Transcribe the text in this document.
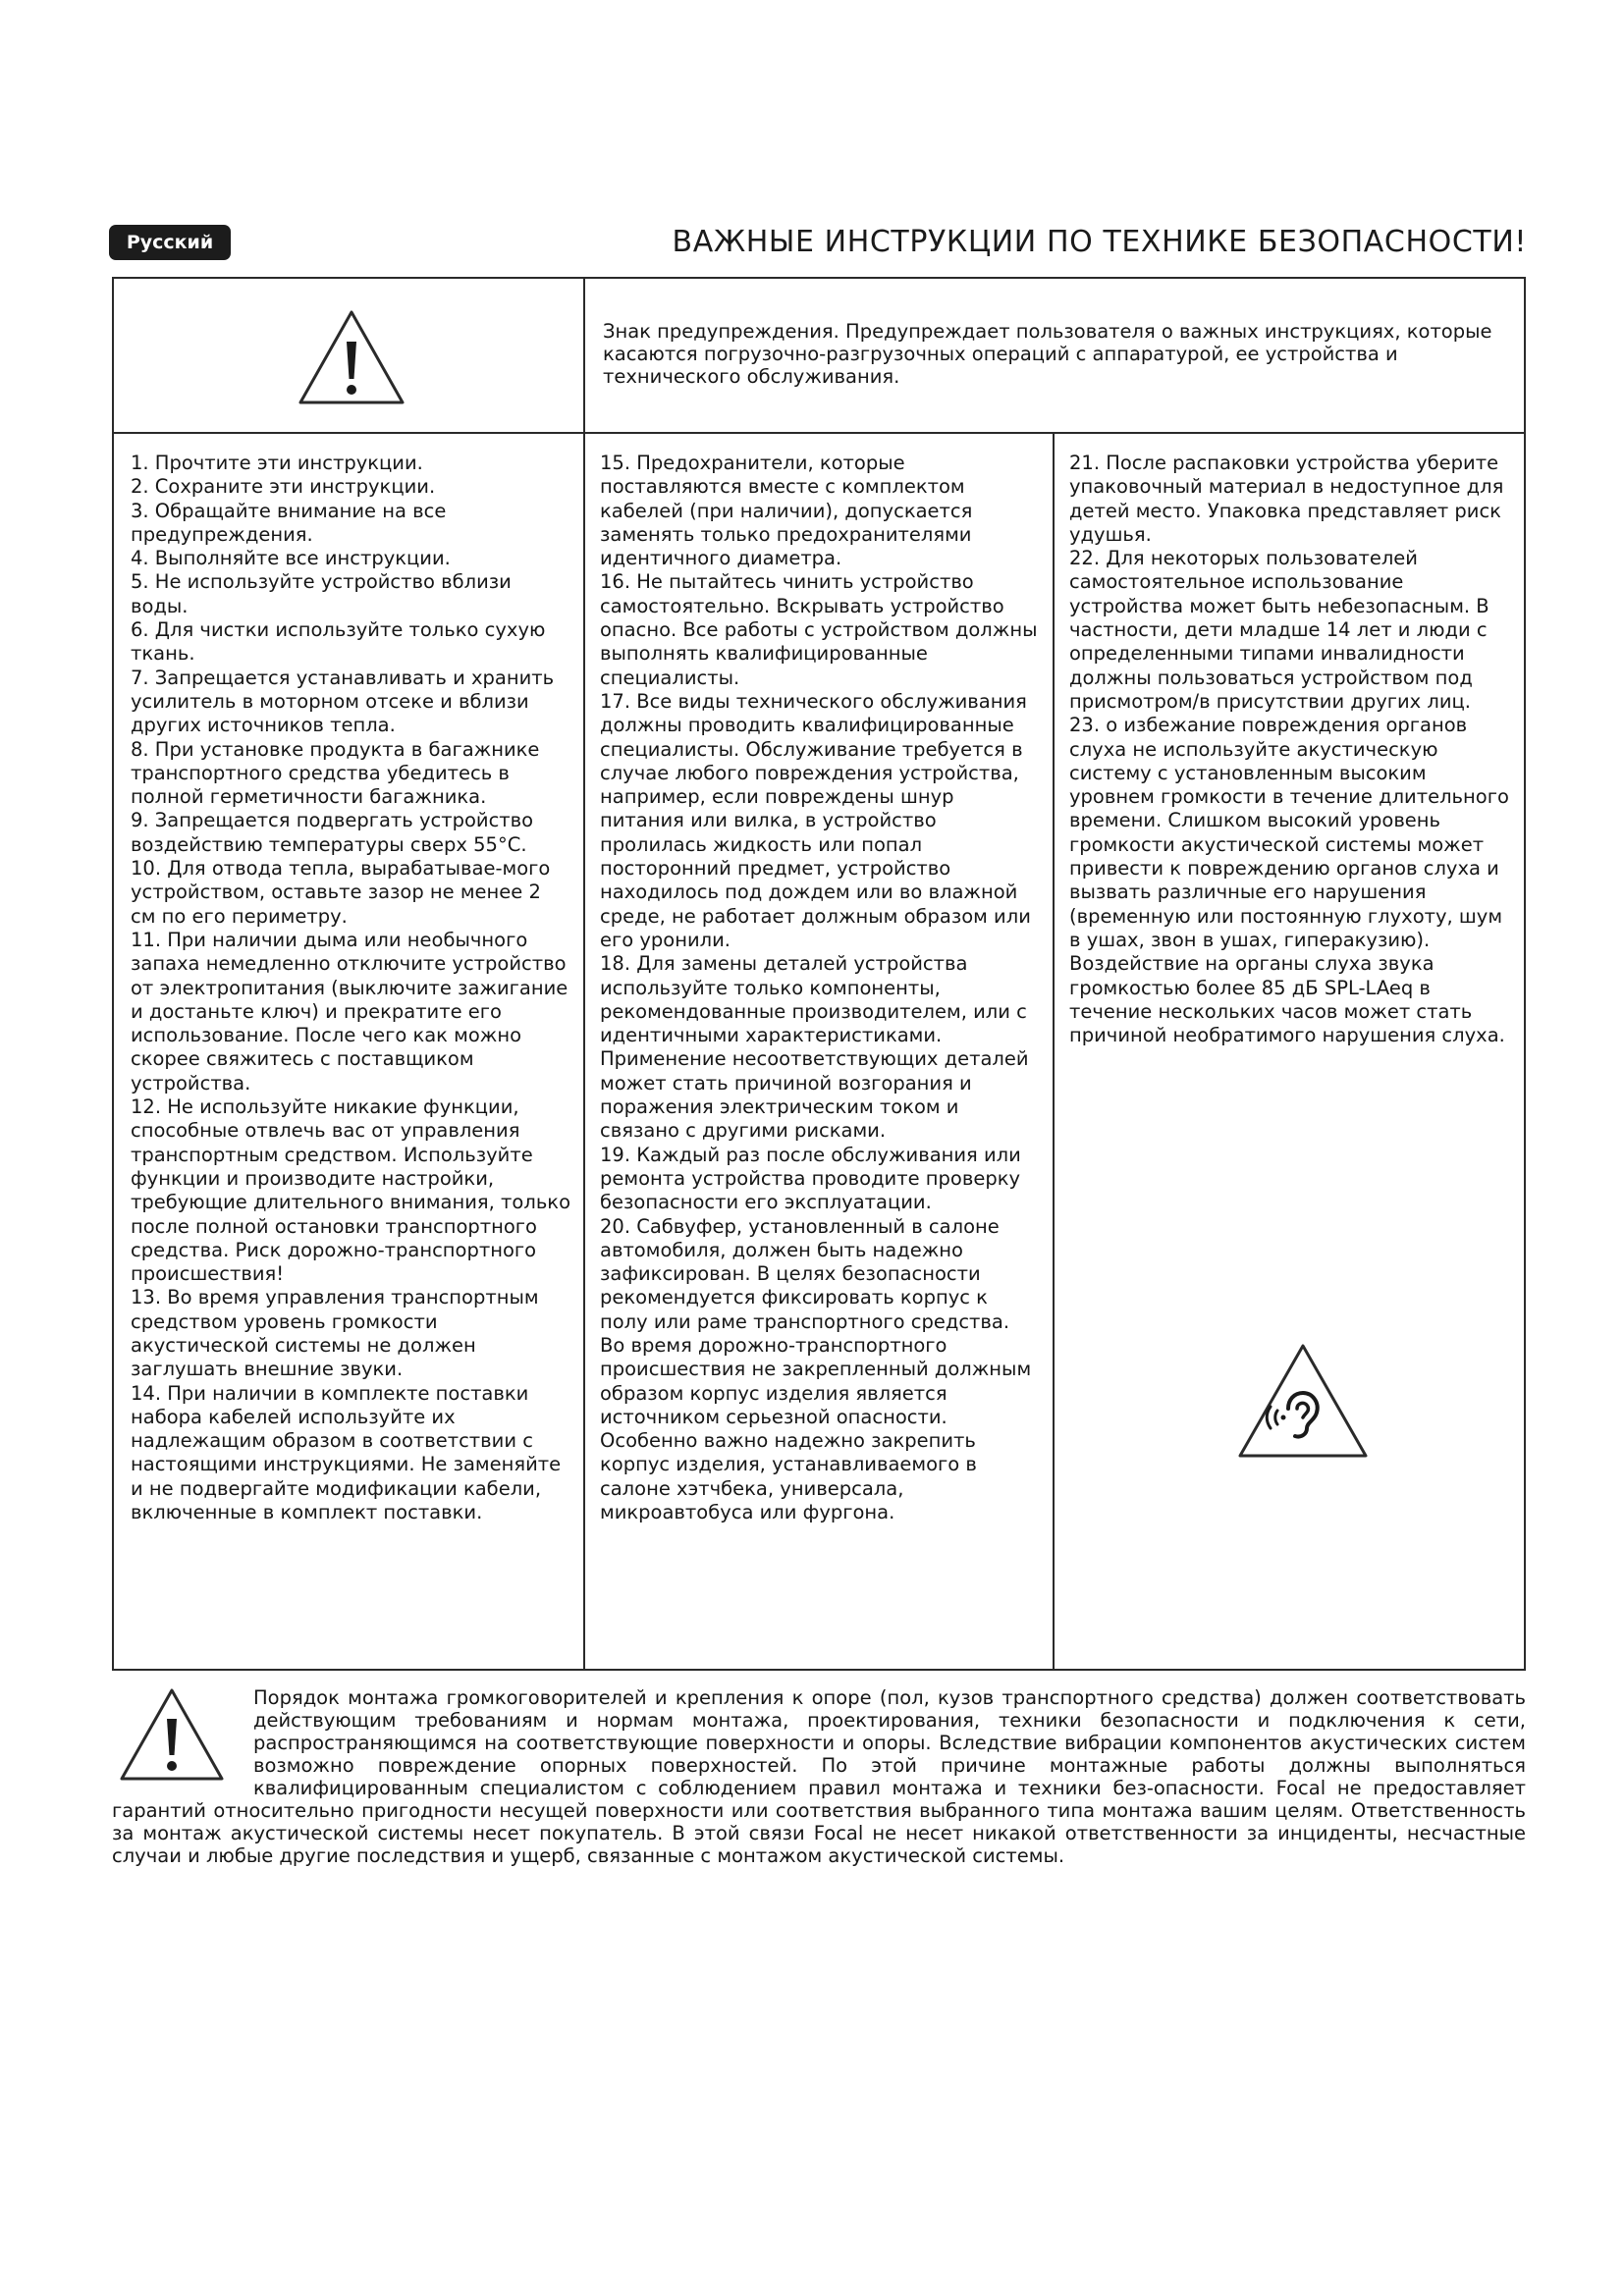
Русский	ВАЖНЫЕ ИНСТРУКЦИИ ПО ТЕХНИКЕ БЕЗОПАСНОСТИ!
Знак предупреждения. Предупреждает пользователя о важных инструкциях, которые касаются погрузочно-разгрузочных операций с аппаратурой, ее устройства и технического обслуживания.

1. Прочтите эти инструкции.

2. Сохраните эти инструкции.

3. Обращайте внимание на все предупреждения.

4. Выполняйте все инструкции.

5. Не используйте устройство вблизи воды.

6. Для чистки используйте только сухую ткань.

7. Запрещается устанавливать и хранить усилитель в моторном отсеке и вблизи других источников тепла.

8. При установке продукта в багажнике транспортного средства убедитесь в полной герметичности багажника.

9. Запрещается подвергать устройство воздействию температуры сверх 55°C.

10. Для отвода тепла, вырабатывае-мого устройством, оставьте зазор не менее 2 см по его периметру.

11. При наличии дыма или необычного запаха немедленно отключите устройство от электропитания (выключите зажигание и достаньте ключ) и прекратите его использование. После чего как можно скорее свяжитесь с поставщиком устройства.

12. Не используйте никакие функции, способные отвлечь вас от управления транспортным средством. Используйте функции и производите настройки, требующие длительного внимания, только после полной остановки транспортного средства. Риск дорожно-транспортного происшествия!

13. Во время управления транспортным средством уровень громкости акустической системы не должен заглушать внешние звуки.

14. При наличии в комплекте поставки набора кабелей используйте их надлежащим образом в соответствии с настоящими инструкциями. Не заменяйте и не подвергайте модификации кабели, включенные в комплект поставки.

15. Предохранители, которые поставляются вместе с комплектом кабелей (при наличии), допускается заменять только предохранителями идентичного диаметра.

16. Не пытайтесь чинить устройство самостоятельно. Вскрывать устройство опасно. Все работы с устройством должны выполнять квалифицированные специалисты.

17. Все виды технического обслуживания должны проводить квалифицированные специалисты. Обслуживание требуется в случае любого повреждения устройства, например, если повреждены шнур питания или вилка, в устройство пролилась жидкость или попал посторонний предмет, устройство находилось под дождем или во влажной среде, не работает должным образом или его уронили.

18. Для замены деталей устройства используйте только компоненты, рекомендованные производителем, или с идентичными характеристиками. Применение несоответствующих деталей может стать причиной возгорания и поражения электрическим током и связано с другими рисками.

19. Каждый раз после обслуживания или ремонта устройства проводите проверку безопасности его эксплуатации.

20. Сабвуфер, установленный в салоне автомобиля, должен быть надежно зафиксирован. В целях безопасности рекомендуется фиксировать корпус к полу или раме транспортного средства.

Во время дорожно-транспортного происшествия не закрепленный должным образом корпус изделия является источником серьезной опасности. Особенно важно надежно закрепить корпус изделия, устанавливаемого в салоне хэтчбека, универсала, микроавтобуса или фургона.

21. После распаковки устройства уберите упаковочный материал в недоступное для детей место. Упаковка представляет риск удушья.

22. Для некоторых пользователей самостоятельное использование устройства может быть небезопасным. В частности, дети младше 14 лет и люди с определенными типами инвалидности должны пользоваться устройством под присмотром/в присутствии других лиц.

23. о избежание повреждения органов слуха не используйте акустическую систему с установленным высоким уровнем громкости в течение длительного времени. Слишком высокий уровень громкости акустической системы может привести к повреждению органов слуха и вызвать различные его нарушения (временную или постоянную глухоту, шум в ушах, звон в ушах, гиперакузию). Воздействие на органы слуха звука громкостью более 85 дБ SPL-LAeq в течение нескольких часов может стать причиной необратимого нарушения слуха.

Порядок монтажа громкоговорителей и крепления к опоре (пол, кузов транспортного средства) должен соответствовать действующим требованиям и нормам монтажа, проектирования, техники безопасности и подключения к сети, распространяющимся на соответствующие поверхности и опоры. Вследствие вибрации компонентов акустических систем возможно повреждение опорных поверхностей. По этой причине монтажные работы должны выполняться квалифицированным специалистом с соблюдением правил монтажа и техники без-опасности. Focal не предоставляет гарантий относительно пригодности несущей поверхности или соответствия выбранного типа монтажа вашим целям. Ответственность за монтаж акустической системы несет покупатель. В этой связи Focal не несет никакой ответственности за инциденты, несчастные случаи и любые другие последствия и ущерб, связанные с монтажом акустической системы.
